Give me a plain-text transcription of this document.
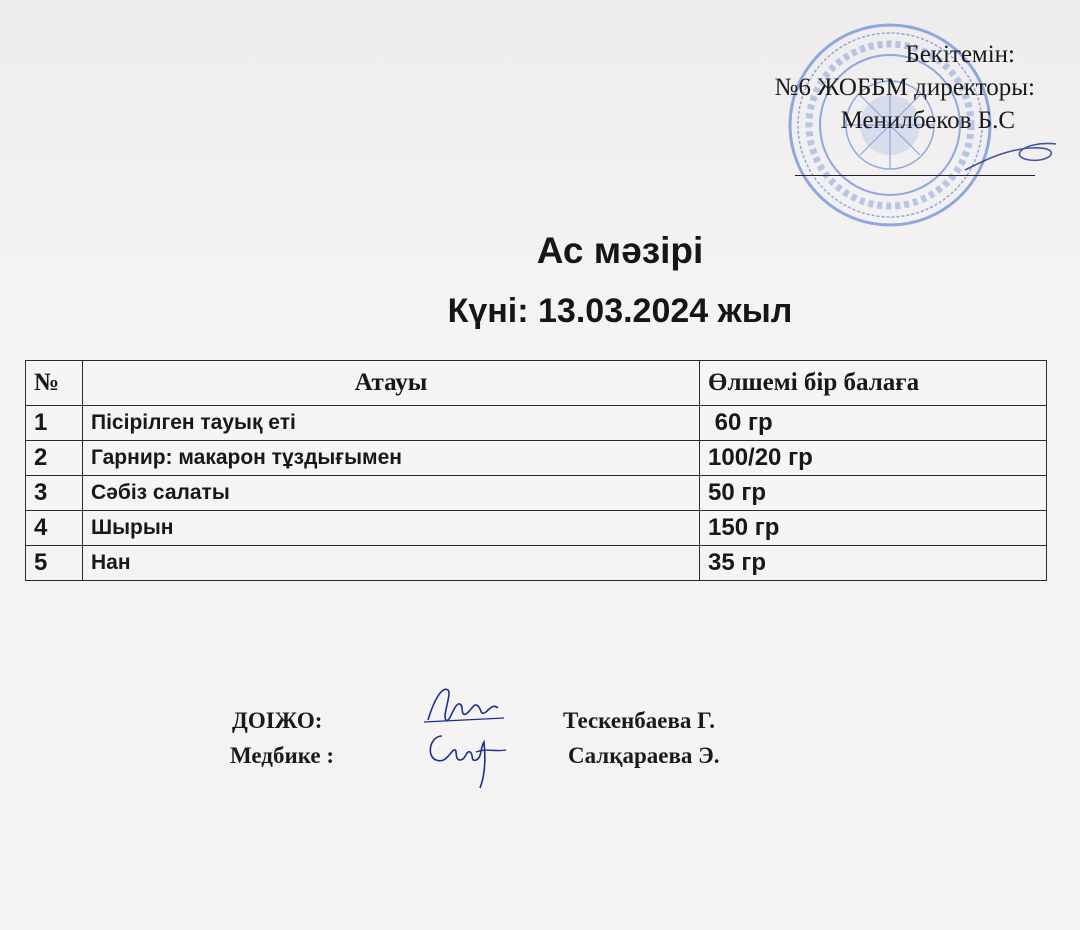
Бекітемін:
№6 ЖОББМ директоры:
Менилбеков Б.С
Ас мәзірі
Күні: 13.03.2024 жыл
№	Атауы	Өлшемі бір балаға
1	Пісірілген тауық еті	60 гр
2	Гарнир: макарон тұздығымен	100/20 гр
3	Сәбіз салаты	50 гр
4	Шырын	150 гр
5	Нан	35 гр
ДОІЖО:	Тескенбаева Г.
Медбике :	Салқараева Э.
